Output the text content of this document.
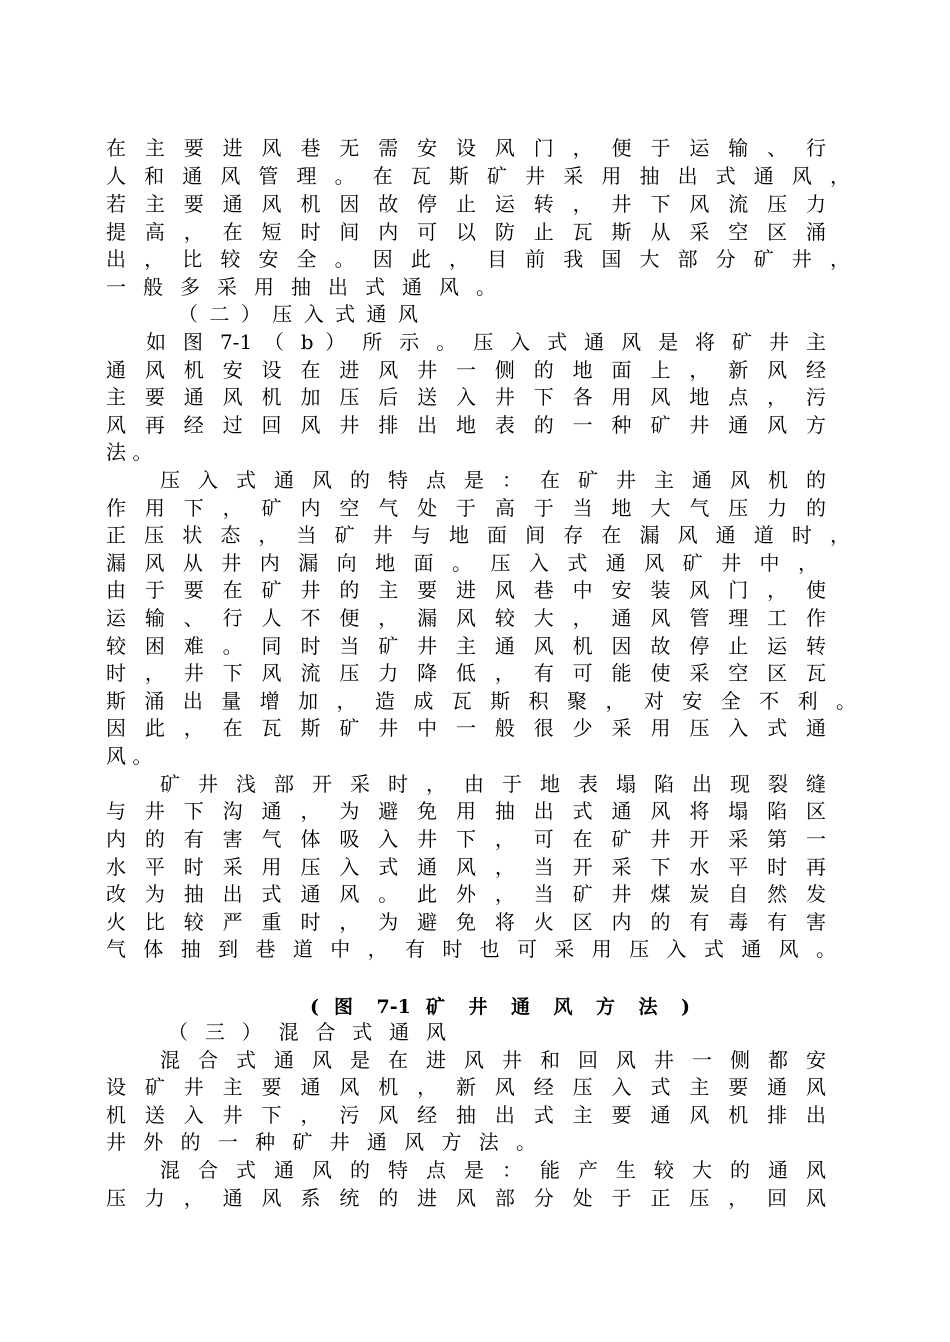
在 主 要 进 风 巷 无 需 安 设 风 门 ， 便 于 运 输 、 行
人 和 通 风 管 理 。 在 瓦 斯 矿 井 采 用 抽 出 式 通 风 ，
若 主 要 通 风 机 因 故 停 止 运 转 ， 井 下 风 流 压 力
提 高 ， 在 短 时 间 内 可 以 防 止 瓦 斯 从 采 空 区 涌
出 ， 比 较 安 全 。 因 此 ， 目 前 我 国 大 部 分 矿 井 ，
一 般 多 采 用 抽 出 式 通 风 。
（ 二 ） 压 入 式 通 风
如 图 7-1 （ b ） 所 示 。 压 入 式 通 风 是 将 矿 井 主
通 风 机 安 设 在 进 风 井 一 侧 的 地 面 上 ， 新 风 经
主 要 通 风 机 加 压 后 送 入 井 下 各 用 风 地 点 ， 污
风 再 经 过 回 风 井 排 出 地 表 的 一 种 矿 井 通 风 方
法 。
压 入 式 通 风 的 特 点 是 ： 在 矿 井 主 通 风 机 的
作 用 下 ， 矿 内 空 气 处 于 高 于 当 地 大 气 压 力 的
正 压 状 态 ， 当 矿 井 与 地 面 间 存 在 漏 风 通 道 时 ，
漏 风 从 井 内 漏 向 地 面 。 压 入 式 通 风 矿 井 中 ，
由 于 要 在 矿 井 的 主 要 进 风 巷 中 安 装 风 门 ， 使
运 输 、 行 人 不 便 ， 漏 风 较 大 ， 通 风 管 理 工 作
较 困 难 。 同 时 当 矿 井 主 通 风 机 因 故 停 止 运 转
时 ， 井 下 风 流 压 力 降 低 ， 有 可 能 使 采 空 区 瓦
斯 涌 出 量 增 加 ， 造 成 瓦 斯 积 聚 ， 对 安 全 不 利 。
因 此 ， 在 瓦 斯 矿 井 中 一 般 很 少 采 用 压 入 式 通
风 。
矿 井 浅 部 开 采 时 ， 由 于 地 表 塌 陷 出 现 裂 缝
与 井 下 沟 通 ， 为 避 免 用 抽 出 式 通 风 将 塌 陷 区
内 的 有 害 气 体 吸 入 井 下 ， 可 在 矿 井 开 采 第 一
水 平 时 采 用 压 入 式 通 风 ， 当 开 采 下 水 平 时 再
改 为 抽 出 式 通 风 。 此 外 ， 当 矿 井 煤 炭 自 然 发
火 比 较 严 重 时 ， 为 避 免 将 火 区 内 的 有 毒 有 害
气 体 抽 到 巷 道 中 ， 有 时 也 可 采 用 压 入 式 通 风 。
( 图 7-1 矿 井 通 风 方 法 )
（ 三 ） 混 合 式 通 风
混 合 式 通 风 是 在 进 风 井 和 回 风 井 一 侧 都 安
设 矿 井 主 要 通 风 机 ， 新 风 经 压 入 式 主 要 通 风
机 送 入 井 下 ， 污 风 经 抽 出 式 主 要 通 风 机 排 出
井 外 的 一 种 矿 井 通 风 方 法 。
混 合 式 通 风 的 特 点 是 ： 能 产 生 较 大 的 通 风
压 力 ， 通 风 系 统 的 进 风 部 分 处 于 正 压 ， 回 风
